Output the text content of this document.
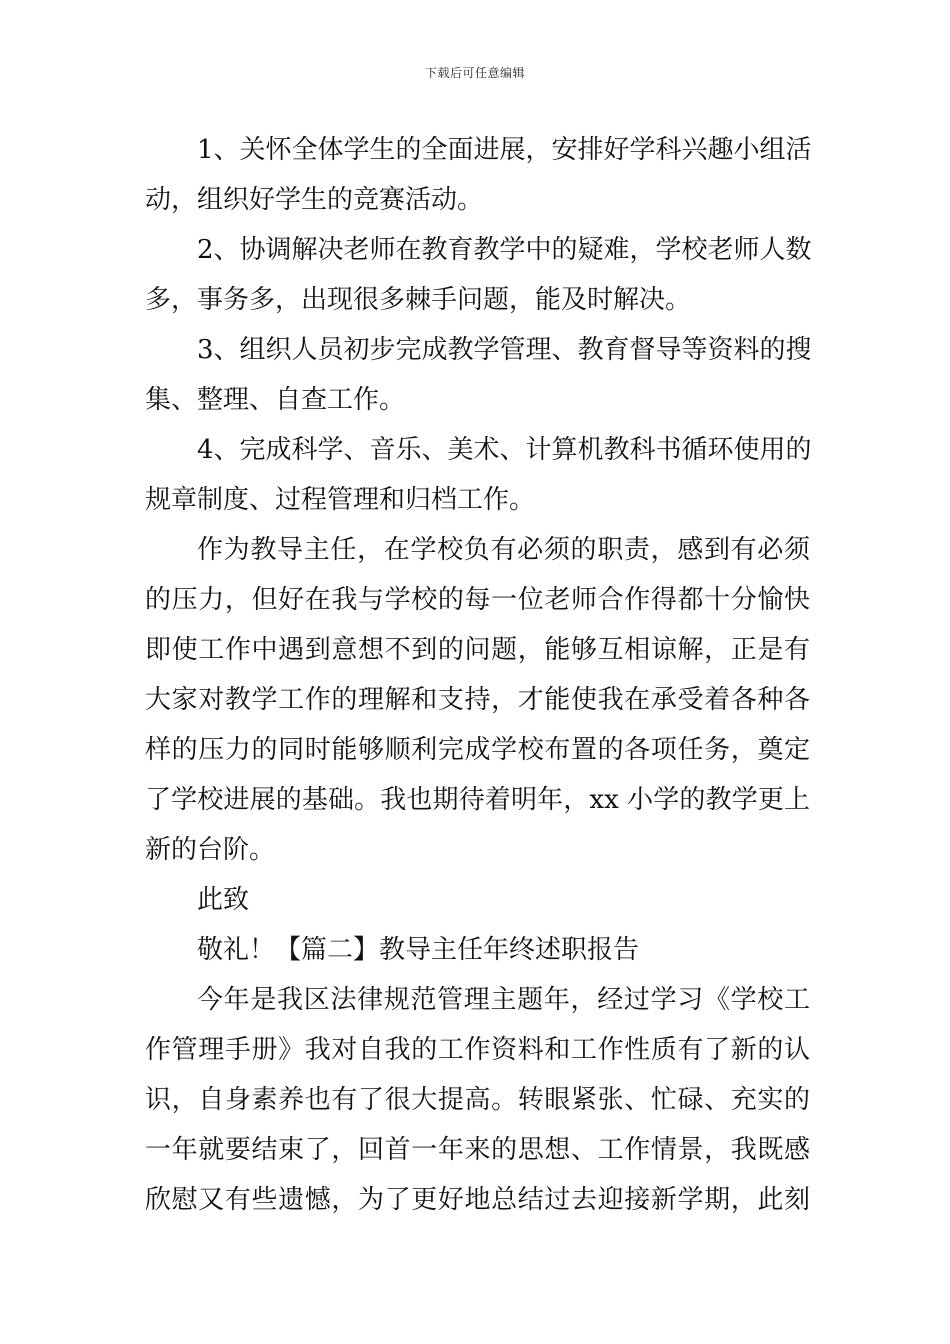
下载后可任意编辑
1、关怀全体学生的全面进展，安排好学科兴趣小组活
动，组织好学生的竞赛活动。
2、协调解决老师在教育教学中的疑难，学校老师人数
多，事务多，出现很多棘手问题，能及时解决。
3、组织人员初步完成教学管理、教育督导等资料的搜
集、整理、自查工作。
4、完成科学、音乐、美术、计算机教科书循环使用的
规章制度、过程管理和归档工作。
作为教导主任，在学校负有必须的职责，感到有必须
的压力，但好在我与学校的每一位老师合作得都十分愉快
即使工作中遇到意想不到的问题，能够互相谅解，正是有
大家对教学工作的理解和支持，才能使我在承受着各种各
样的压力的同时能够顺利完成学校布置的各项任务，奠定
了学校进展的基础。我也期待着明年，xx 小学的教学更上
新的台阶。
此致
敬礼！【篇二】教导主任年终述职报告
今年是我区法律规范管理主题年，经过学习《学校工
作管理手册》我对自我的工作资料和工作性质有了新的认
识，自身素养也有了很大提高。转眼紧张、忙碌、充实的
一年就要结束了，回首一年来的思想、工作情景，我既感
欣慰又有些遗憾，为了更好地总结过去迎接新学期，此刻
